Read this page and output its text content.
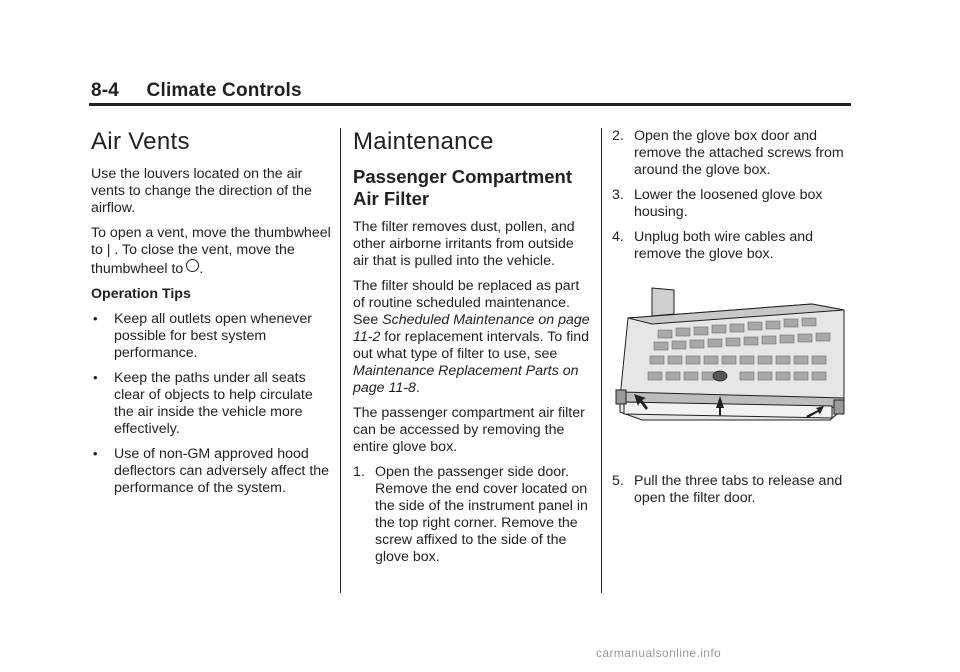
8-4 Climate Controls
Air Vents

Use the louvers located on the air vents to change the direction of the airflow.

To open a vent, move the thumbwheel to | . To close the vent, move the thumbwheel to .

Operation Tips

• Keep all outlets open whenever possible for best system performance.
• Keep the paths under all seats clear of objects to help circulate the air inside the vehicle more effectively.
• Use of non-GM approved hood deflectors can adversely affect the performance of the system.
Maintenance
Passenger Compartment Air Filter

The filter removes dust, pollen, and other airborne irritants from outside air that is pulled into the vehicle.

The filter should be replaced as part of routine scheduled maintenance. See Scheduled Maintenance on page 11-2 for replacement intervals. To find out what type of filter to use, see Maintenance Replacement Parts on page 11-8.

The passenger compartment air filter can be accessed by removing the entire glove box.

1. Open the passenger side door. Remove the end cover located on the side of the instrument panel in the top right corner. Remove the screw affixed to the side of the glove box.
2. Open the glove box door and remove the attached screws from around the glove box.
3. Lower the loosened glove box housing.
4. Unplug both wire cables and remove the glove box.
5. Pull the three tabs to release and open the filter door.
carmanualsonline.info
